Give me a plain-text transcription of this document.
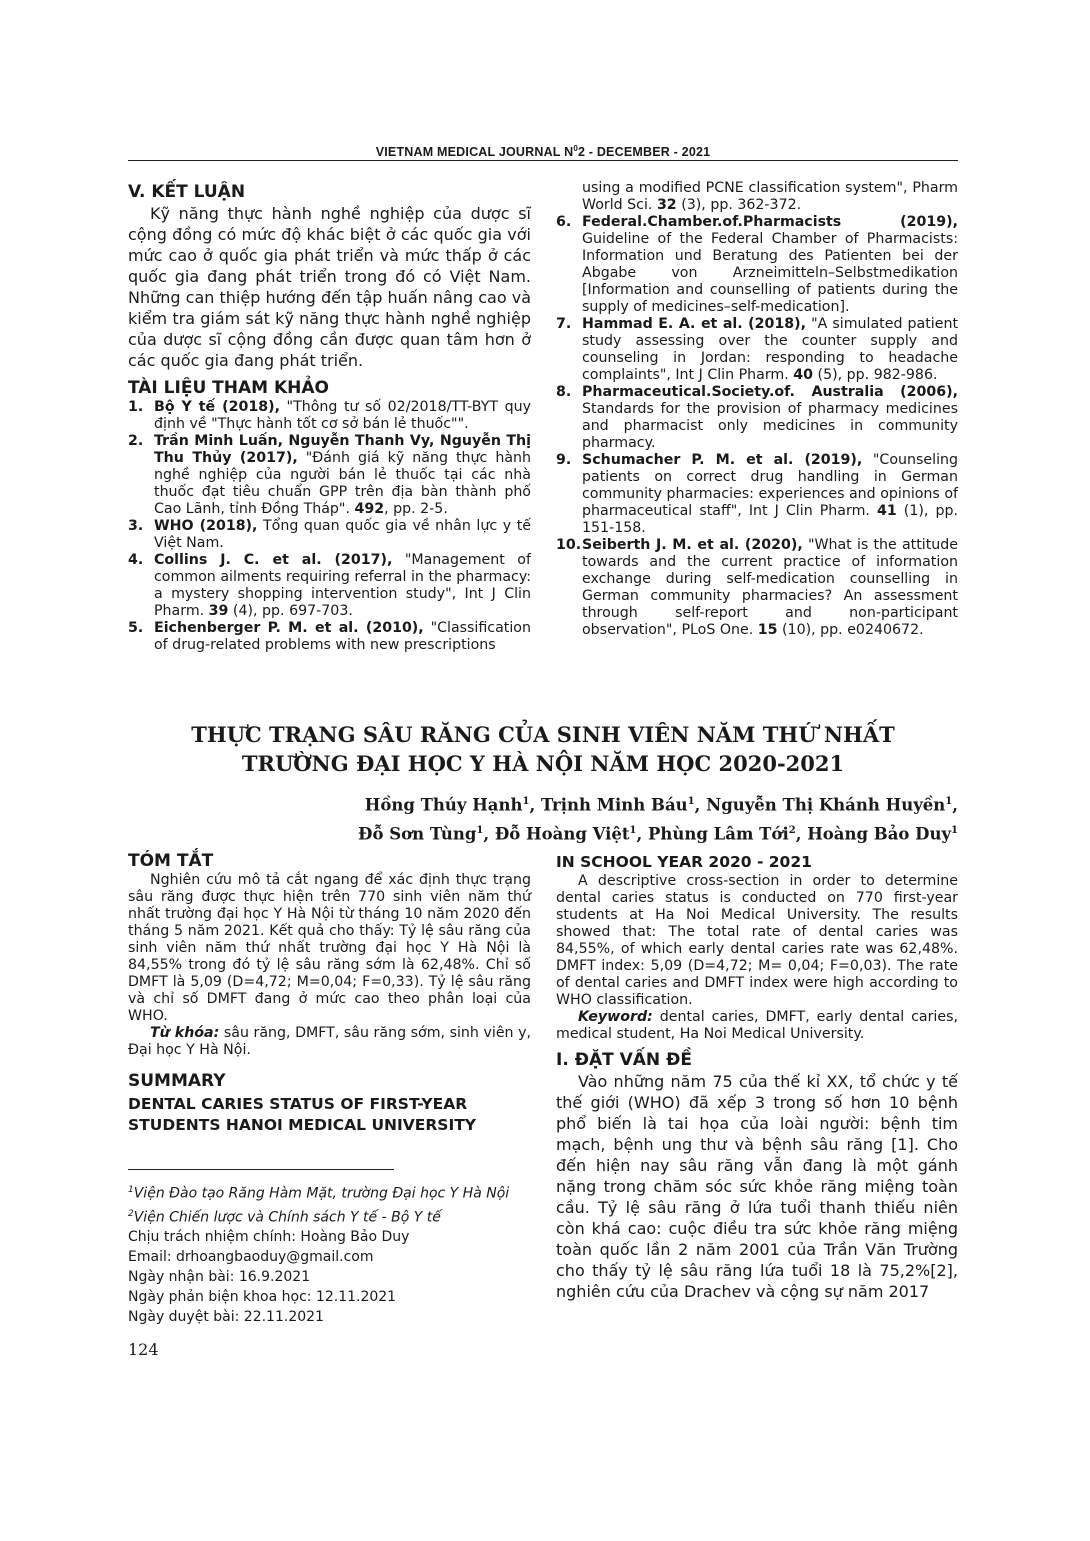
VIETNAM MEDICAL JOURNAL $N^02$ - DECEMBER - 2021
V. KẾT LUẬN

Kỹ năng thực hành nghề nghiệp của dược sĩ cộng đồng có mức độ khác biệt ở các quốc gia với mức cao ở quốc gia phát triển và mức thấp ở các quốc gia đang phát triển trong đó có Việt Nam. Những can thiệp hướng đến tập huấn nâng cao và kiểm tra giám sát kỹ năng thực hành nghề nghiệp của dược sĩ cộng đồng cần được quan tâm hơn ở các quốc gia đang phát triển.

TÀI LIỆU THAM KHẢO
1. Bộ Y tế (2018), "Thông tư số 02/2018/TT-BYT quy định về "Thực hành tốt cơ sở bán lẻ thuốc"".
2. Trần Minh Luấn, Nguyễn Thanh Vy, Nguyễn Thị Thu Thủy (2017), "Đánh giá kỹ năng thực hành nghề nghiệp của người bán lẻ thuốc tại các nhà thuốc đạt tiêu chuẩn GPP trên địa bàn thành phố Cao Lãnh, tỉnh Đồng Tháp". 492, pp. 2-5.
3. WHO (2018), Tổng quan quốc gia về nhân lực y tế Việt Nam.
4. Collins J. C. et al. (2017), "Management of common ailments requiring referral in the pharmacy: a mystery shopping intervention study", Int J Clin Pharm. 39 (4), pp. 697-703.
5. Eichenberger P. M. et al. (2010), "Classification of drug-related problems with new prescriptions

using a modified PCNE classification system", Pharm World Sci. 32 (3), pp. 362-372.

6. Federal.Chamber.of.Pharmacists (2019), Guideline of the Federal Chamber of Pharmacists: Information und Beratung des Patienten bei der Abgabe von Arzneimitteln–Selbstmedikation [Information and counselling of patients during the supply of medicines–self-medication].
7. Hammad E. A. et al. (2018), "A simulated patient study assessing over the counter supply and counseling in Jordan: responding to headache complaints", Int J Clin Pharm. 40 (5), pp. 982-986.
8. Pharmaceutical.Society.of. Australia (2006), Standards for the provision of pharmacy medicines and pharmacist only medicines in community pharmacy.
9. Schumacher P. M. et al. (2019), "Counseling patients on correct drug handling in German community pharmacies: experiences and opinions of pharmaceutical staff", Int J Clin Pharm. 41 (1), pp. 151-158.
10. Seiberth J. M. et al. (2020), "What is the attitude towards and the current practice of information exchange during self-medication counselling in German community pharmacies? An assessment through self-report and non-participant observation", PLoS One. 15 (10), pp. e0240672.
THỰC TRẠNG SÂU RĂNG CỦA SINH VIÊN NĂM THỨ NHẤT
TRƯỜNG ĐẠI HỌC Y HÀ NỘI NĂM HỌC 2020-2021
Hồng Thúy Hạnh$^1$, Trịnh Minh Báu$^1$, Nguyễn Thị Khánh Huyền$^1$,
Đỗ Sơn Tùng$^1$, Đỗ Hoàng Việt$^1$, Phùng Lâm Tới$^2$, Hoàng Bảo Duy$^1$
TÓM TẮT

Nghiên cứu mô tả cắt ngang để xác định thực trạng sâu răng được thực hiện trên 770 sinh viên năm thứ nhất trường đại học Y Hà Nội từ tháng 10 năm 2020 đến tháng 5 năm 2021. Kết quả cho thấy: Tỷ lệ sâu răng của sinh viên năm thứ nhất trường đại học Y Hà Nội là 84,55% trong đó tỷ lệ sâu răng sớm là 62,48%. Chỉ số DMFT là 5,09 (D=4,72; M=0,04; F=0,33). Tỷ lệ sâu răng và chỉ số DMFT đang ở mức cao theo phân loại của WHO.

Từ khóa: sâu răng, DMFT, sâu răng sớm, sinh viên y, Đại học Y Hà Nội.

SUMMARY

DENTAL CARIES STATUS OF FIRST-YEAR

STUDENTS HANOI MEDICAL UNIVERSITY

IN SCHOOL YEAR 2020 - 2021

A descriptive cross-section in order to determine dental caries status is conducted on 770 first-year students at Ha Noi Medical University. The results showed that: The total rate of dental caries was 84,55%, of which early dental caries rate was 62,48%. DMFT index: 5,09 (D=4,72; M= 0,04; F=0,03). The rate of dental caries and DMFT index were high according to WHO classification.

Keyword: dental caries, DMFT, early dental caries, medical student, Ha Noi Medical University.

I. ĐẶT VẤN ĐỀ

Vào những năm 75 của thế kỉ XX, tổ chức y tế thế giới (WHO) đã xếp 3 trong số hơn 10 bệnh phổ biến là tai họa của loài người: bệnh tim mạch, bệnh ung thư và bệnh sâu răng [1]. Cho đến hiện nay sâu răng vẫn đang là một gánh nặng trong chăm sóc sức khỏe răng miệng toàn cầu. Tỷ lệ sâu răng ở lứa tuổi thanh thiếu niên còn khá cao: cuộc điều tra sức khỏe răng miệng toàn quốc lần 2 năm 2001 của Trần Văn Trường cho thấy tỷ lệ sâu răng lứa tuổi 18 là 75,2%[2], nghiên cứu của Drachev và cộng sự năm 2017

$^1$Viện Đào tạo Răng Hàm Mặt, trường Đại học Y Hà Nội
$^2$Viện Chiến lược và Chính sách Y tế - Bộ Y tế
Chịu trách nhiệm chính: Hoàng Bảo Duy
Email: drhoangbaoduy@gmail.com
Ngày nhận bài: 16.9.2021
Ngày phản biện khoa học: 12.11.2021
Ngày duyệt bài: 22.11.2021
124
